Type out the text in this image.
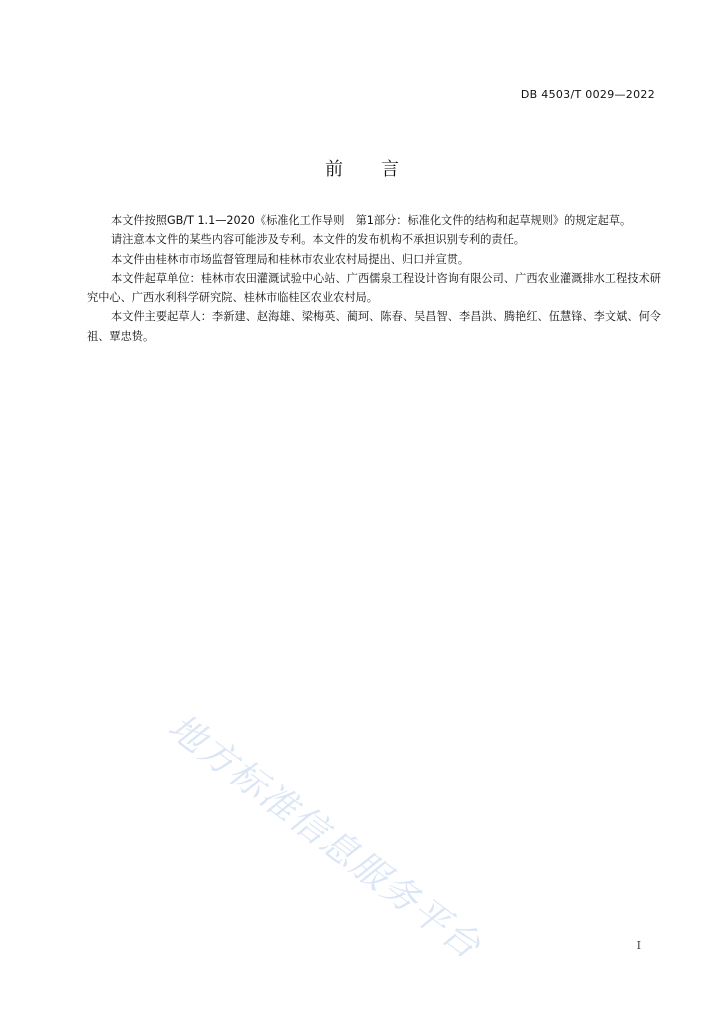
DB 4503/T 0029—2022
前言

本文件按照GB/T 1.1—2020《标准化工作导则　第1部分：标准化文件的结构和起草规则》的规定起草。

请注意本文件的某些内容可能涉及专利。本文件的发布机构不承担识别专利的责任。

本文件由桂林市市场监督管理局和桂林市农业农村局提出、归口并宣贯。

本文件起草单位：桂林市农田灌溉试验中心站、广西儒泉工程设计咨询有限公司、广西农业灌溉排水工程技术研究中心、广西水利科学研究院、桂林市临桂区农业农村局。

本文件主要起草人：李新建、赵海雄、梁梅英、蔺珂、陈春、吴昌智、李昌洪、腾艳红、伍慧锋、李文斌、何令祖、覃忠贽。

地方标准信息服务平台	I
